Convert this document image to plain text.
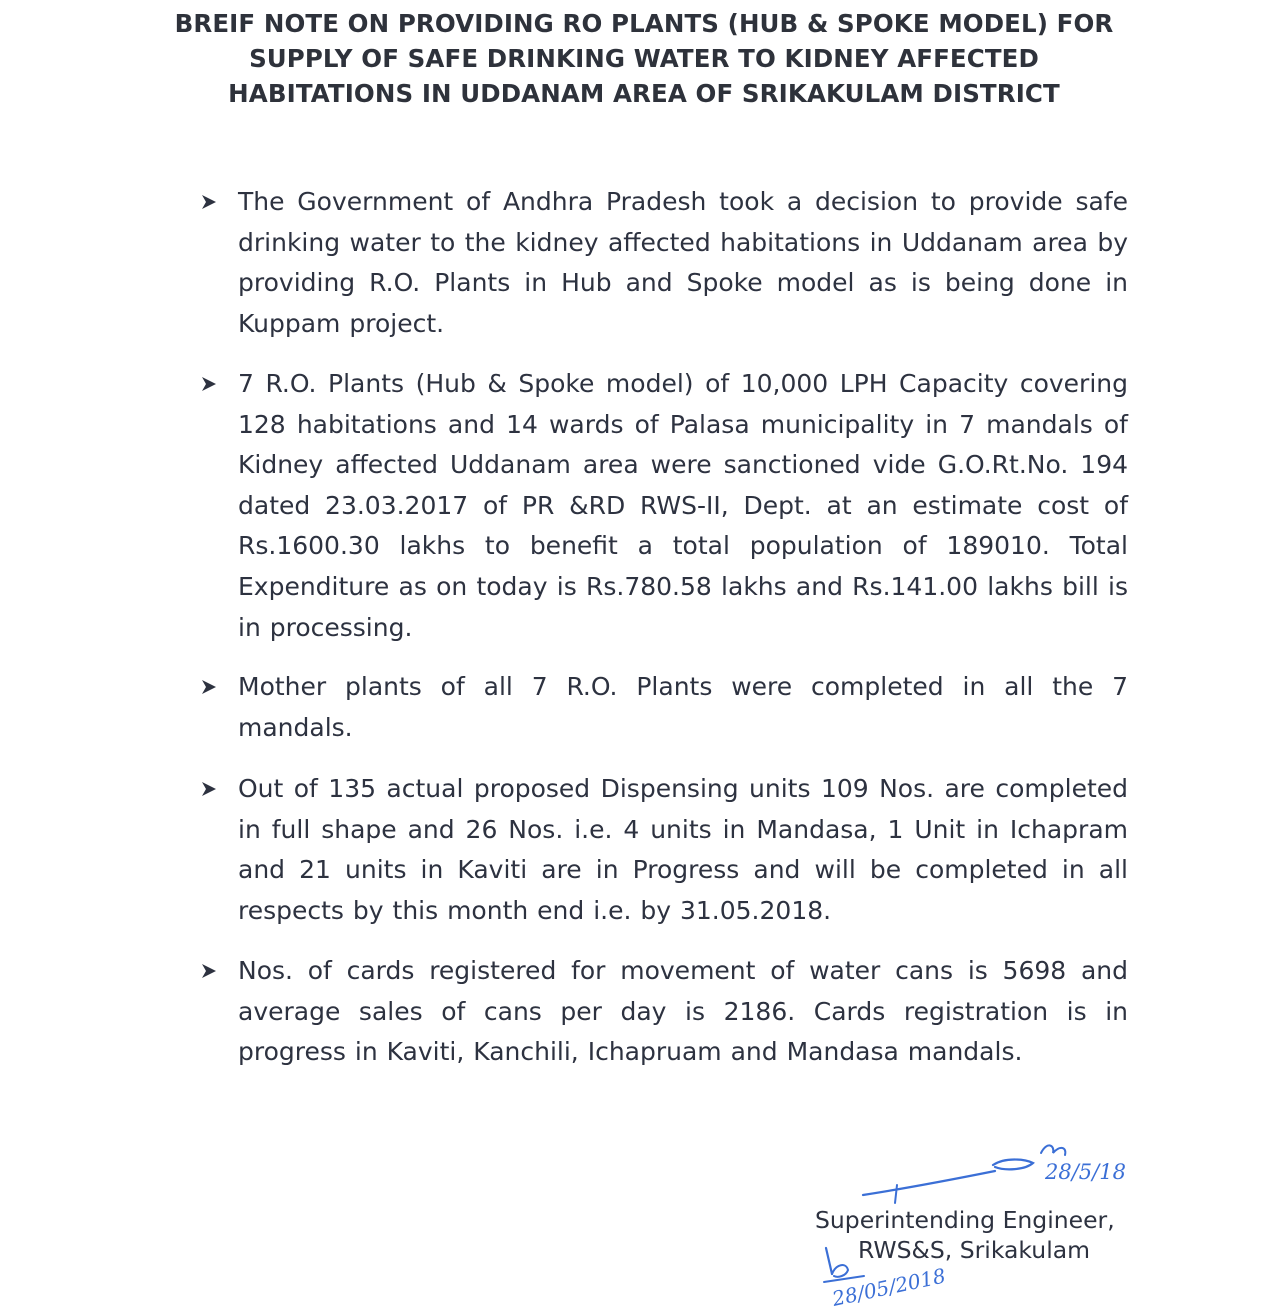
BREIF NOTE ON PROVIDING RO PLANTS (HUB & SPOKE MODEL) FOR
SUPPLY OF SAFE DRINKING WATER TO KIDNEY AFFECTED
HABITATIONS IN UDDANAM AREA OF SRIKAKULAM DISTRICT
The Government of Andhra Pradesh took a decision to provide safe drinking water to the kidney affected habitations in Uddanam area by providing R.O. Plants in Hub and Spoke model as is being done in Kuppam project.
7 R.O. Plants (Hub & Spoke model) of 10,000 LPH Capacity covering 128 habitations and 14 wards of Palasa municipality in 7 mandals of Kidney affected Uddanam area were sanctioned vide G.O.Rt.No. 194 dated 23.03.2017 of PR &RD RWS-II, Dept. at an estimate cost of Rs.1600.30 lakhs to benefit a total population of 189010. Total Expenditure as on today is Rs.780.58 lakhs and Rs.141.00 lakhs bill is in processing.
Mother plants of all 7 R.O. Plants were completed in all the 7 mandals.
Out of 135 actual proposed Dispensing units 109 Nos. are completed in full shape and 26 Nos. i.e. 4 units in Mandasa, 1 Unit in Ichapram and 21 units in Kaviti are in Progress and will be completed in all respects by this month end i.e. by 31.05.2018.
Nos. of cards registered for movement of water cans is 5698 and average sales of cans per day is 2186. Cards registration is in progress in Kaviti, Kanchili, Ichapruam and Mandasa mandals.
28/5/18
Superintending Engineer,
RWS&S, Srikakulam
28/05/2018
